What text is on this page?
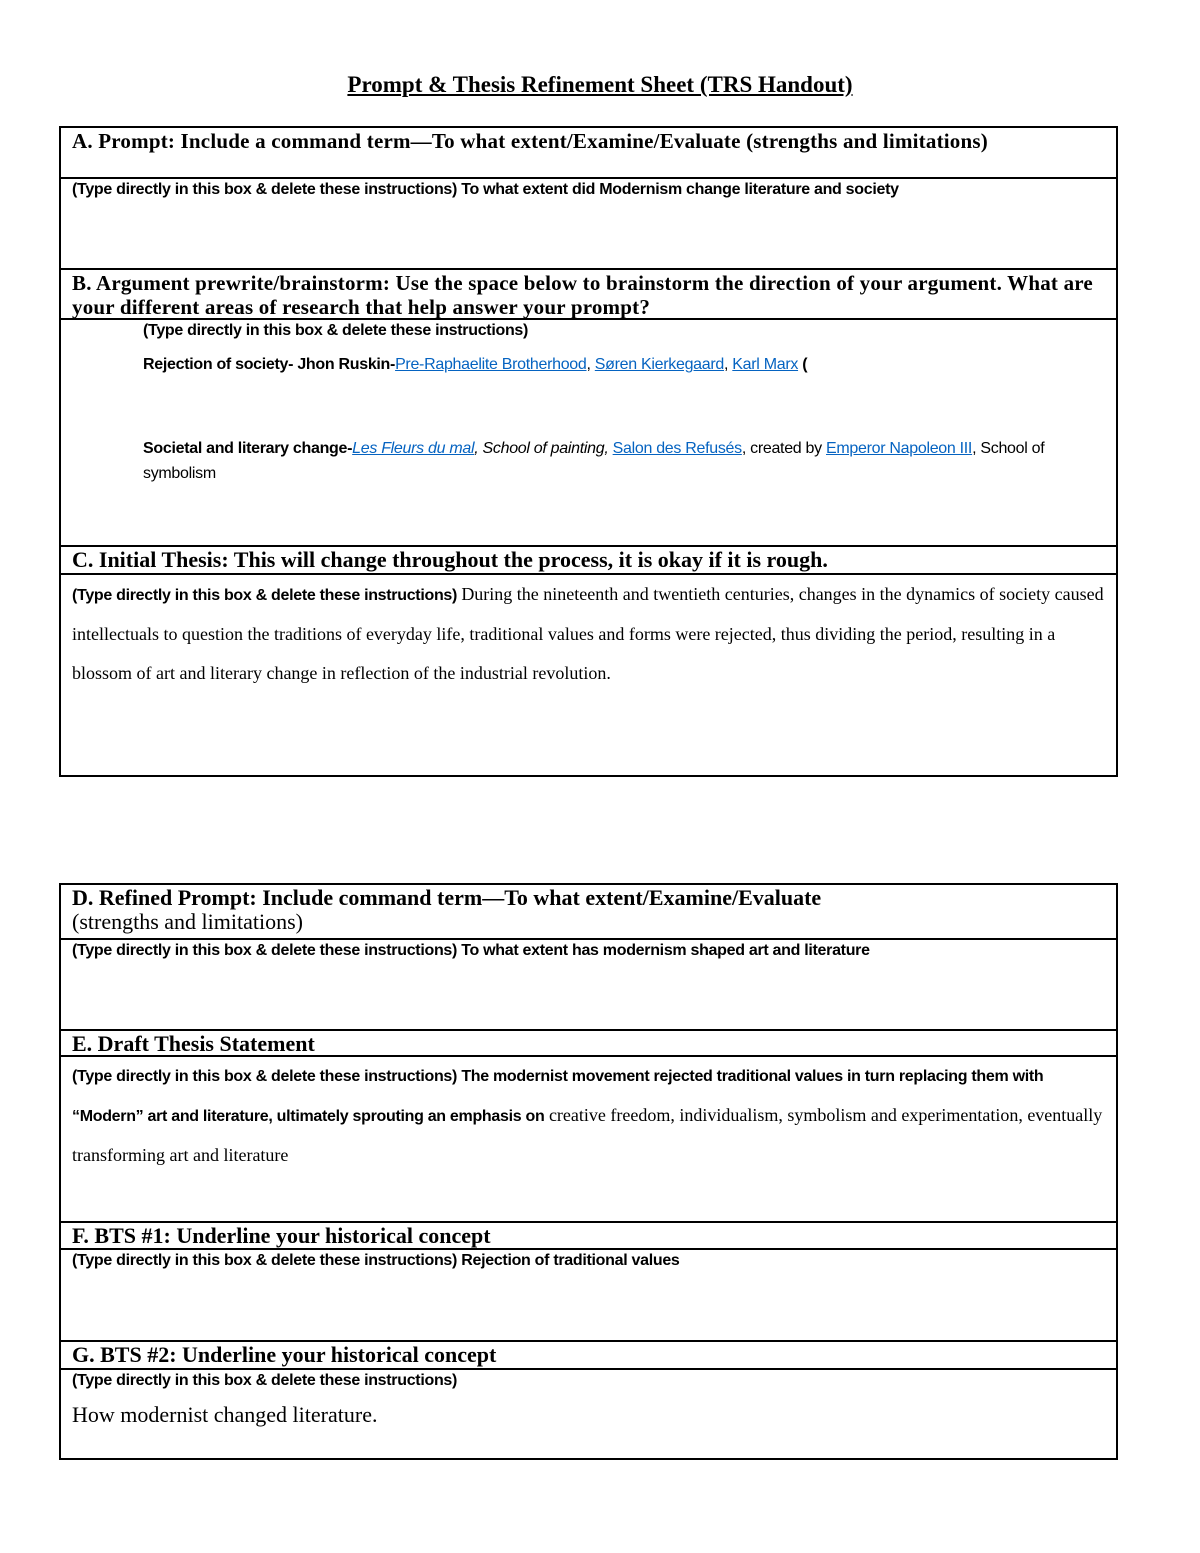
Prompt & Thesis Refinement Sheet (TRS Handout)
A. Prompt: Include a command term—To what extent/Examine/Evaluate (strengths and limitations)
(Type directly in this box & delete these instructions) To what extent did Modernism change literature and society
B. Argument prewrite/brainstorm: Use the space below to brainstorm the direction of your argument. What are your different areas of research that help answer your prompt?
(Type directly in this box & delete these instructions)
Rejection of society- Jhon Ruskin-Pre-Raphaelite Brotherhood, Søren Kierkegaard, Karl Marx (
Societal and literary change-Les Fleurs du mal, School of painting, Salon des Refusés, created by Emperor Napoleon III, School of symbolism
C. Initial Thesis: This will change throughout the process, it is okay if it is rough.
(Type directly in this box & delete these instructions) During the nineteenth and twentieth centuries, changes in the dynamics of society caused intellectuals to question the traditions of everyday life, traditional values and forms were rejected, thus dividing the period, resulting in a blossom of art and literary change in reflection of the industrial revolution.
D. Refined Prompt: Include command term—To what extent/Examine/Evaluate
(strengths and limitations)
(Type directly in this box & delete these instructions) To what extent has modernism shaped art and literature
E. Draft Thesis Statement
(Type directly in this box & delete these instructions) The modernist movement rejected traditional values in turn replacing them with “Modern” art and literature, ultimately sprouting an emphasis on creative freedom, individualism, symbolism and experimentation, eventually transforming art and literature
F. BTS #1: Underline your historical concept
(Type directly in this box & delete these instructions) Rejection of traditional values
G. BTS #2: Underline your historical concept
(Type directly in this box & delete these instructions)
How modernist changed literature.
